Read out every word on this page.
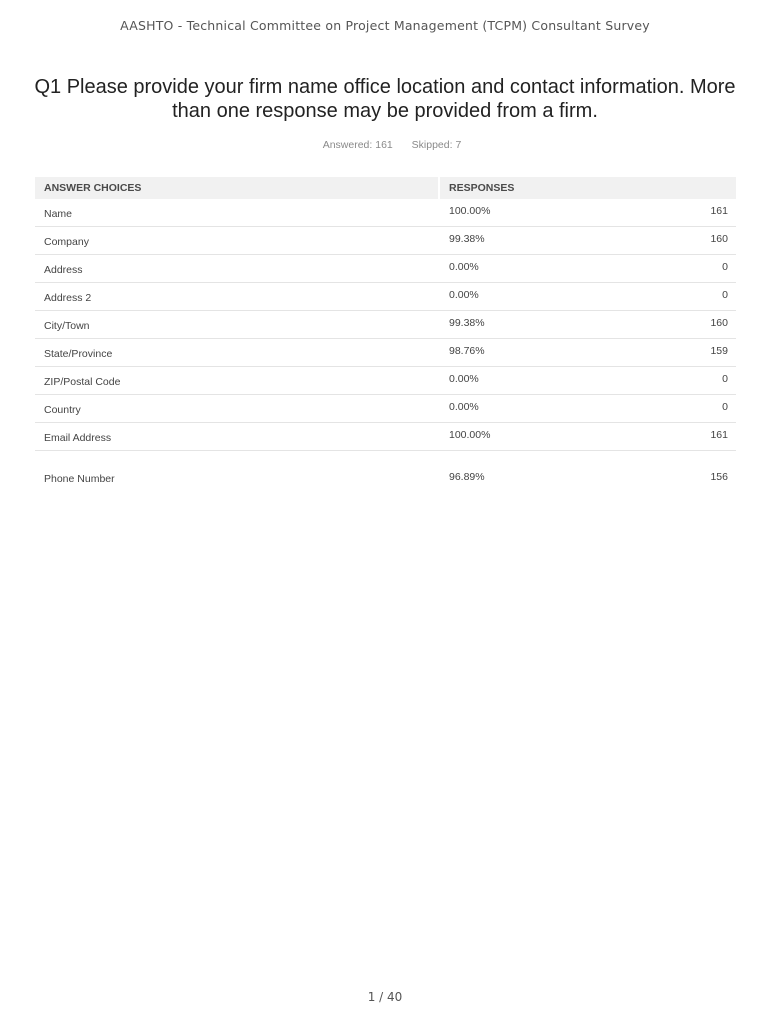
AASHTO - Technical Committee on Project Management (TCPM) Consultant Survey
Q1 Please provide your firm name office location and contact information. More than one response may be provided from a firm.
Answered: 161 Skipped: 7
ANSWER CHOICES	RESPONSES
Name	100.00%	161
Company	99.38%	160
Address	0.00%	0
Address 2	0.00%	0
City/Town	99.38%	160
State/Province	98.76%	159
ZIP/Postal Code	0.00%	0
Country	0.00%	0
Email Address	100.00%	161
Phone Number	96.89%	156
1 / 40
